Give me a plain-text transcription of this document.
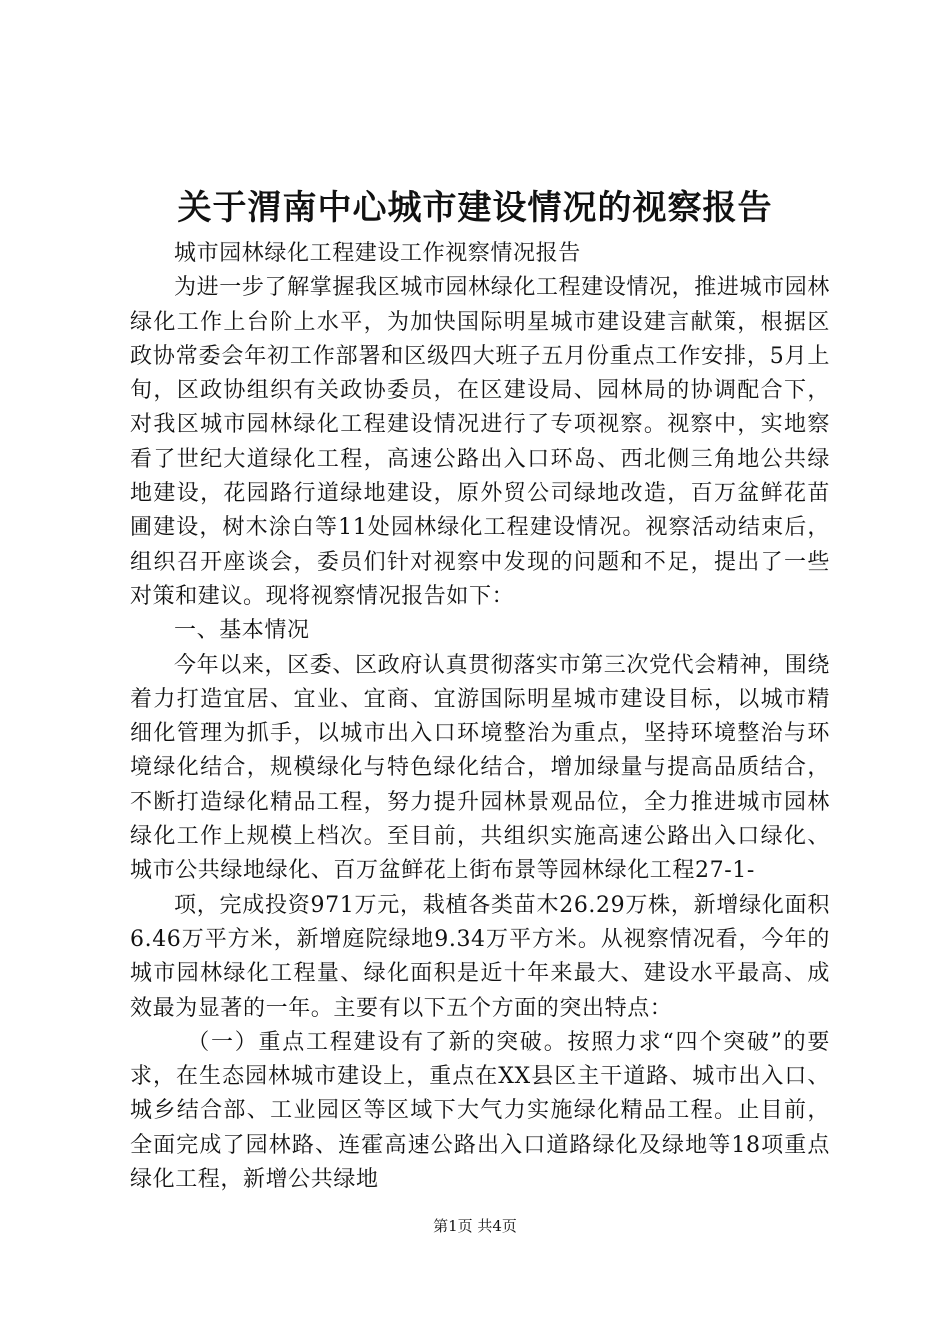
关于渭南中心城市建设情况的视察报告

城市园林绿化工程建设工作视察情况报告

为进一步了解掌握我区城市园林绿化工程建设情况，推进城市园林绿化工作上台阶上水平，为加快国际明星城市建设建言献策，根据区政协常委会年初工作部署和区级四大班子五月份重点工作安排，5月上旬，区政协组织有关政协委员，在区建设局、园林局的协调配合下，对我区城市园林绿化工程建设情况进行了专项视察。视察中，实地察看了世纪大道绿化工程，高速公路出入口环岛、西北侧三角地公共绿地建设，花园路行道绿地建设，原外贸公司绿地改造，百万盆鲜花苗圃建设，树木涂白等11处园林绿化工程建设情况。视察活动结束后，组织召开座谈会，委员们针对视察中发现的问题和不足，提出了一些对策和建议。现将视察情况报告如下：

一、基本情况

今年以来，区委、区政府认真贯彻落实市第三次党代会精神，围绕着力打造宜居、宜业、宜商、宜游国际明星城市建设目标，以城市精细化管理为抓手，以城市出入口环境整治为重点，坚持环境整治与环境绿化结合，规模绿化与特色绿化结合，增加绿量与提高品质结合，不断打造绿化精品工程，努力提升园林景观品位，全力推进城市园林绿化工作上规模上档次。至目前，共组织实施高速公路出入口绿化、城市公共绿地绿化、百万盆鲜花上街布景等园林绿化工程27-1-

项，完成投资971万元，栽植各类苗木26.29万株，新增绿化面积6.46万平方米，新增庭院绿地9.34万平方米。从视察情况看，今年的城市园林绿化工程量、绿化面积是近十年来最大、建设水平最高、成效最为显著的一年。主要有以下五个方面的突出特点：

（一）重点工程建设有了新的突破。按照力求“四个突破”的要求，在生态园林城市建设上，重点在XX县区主干道路、城市出入口、城乡结合部、工业园区等区域下大气力实施绿化精品工程。止目前，全面完成了园林路、连霍高速公路出入口道路绿化及绿地等18项重点绿化工程，新增公共绿地

第1页 共4页
